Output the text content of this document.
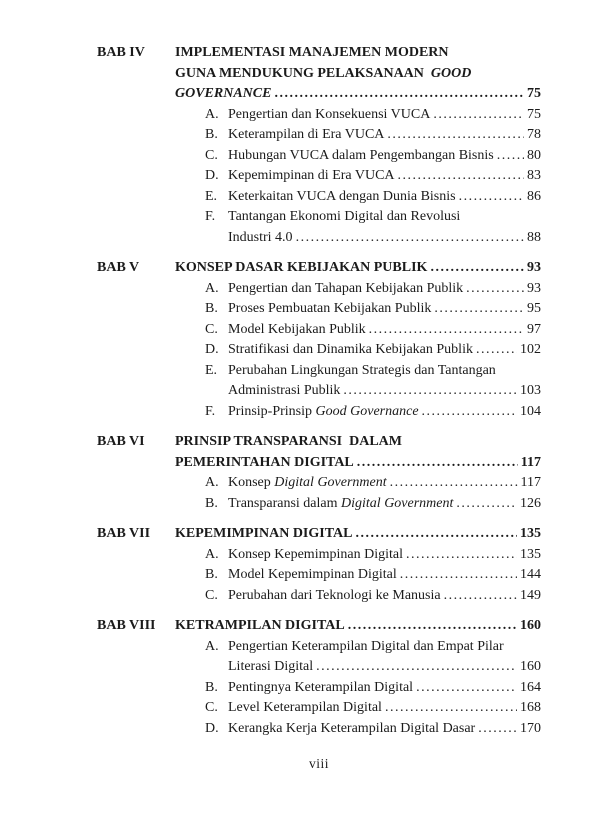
BAB IV	IMPLEMENTASI MANAJEMEN MODERN
GUNA MENDUKUNG PELAKSANAAN  GOOD
GOVERNANCE .....	75
A. Pengertian dan Konsekuensi VUCA .....	75
B. Keterampilan di Era VUCA .....	78
C. Hubungan VUCA dalam Pengembangan Bisnis ..... 80
D. Kepemimpinan di Era VUCA .....	83
E. Keterkaitan VUCA dengan Dunia Bisnis .....	86
F. Tantangan Ekonomi Digital dan Revolusi
Industri 4.0 .....	88
BAB V	KONSEP DASAR KEBIJAKAN PUBLIK .....	93
A. Pengertian dan Tahapan Kebijakan Publik .....	93
B. Proses Pembuatan Kebijakan Publik .....	95
C. Model Kebijakan Publik .....	97
D. Stratifikasi dan Dinamika Kebijakan Publik .....	102
E. Perubahan Lingkungan Strategis dan Tantangan
Administrasi Publik .....	103
F. Prinsip-Prinsip Good Governance .....	104
BAB VI	PRINSIP TRANSPARANSI  DALAM
PEMERINTAHAN DIGITAL .....	117
A. Konsep Digital Government .....	117
B. Transparansi dalam Digital Government .....	126
BAB VII	KEPEMIMPINAN DIGITAL .....	135
A. Konsep Kepemimpinan Digital .....	135
B. Model Kepemimpinan Digital .....	144
C. Perubahan dari Teknologi ke Manusia .....	149
BAB VIII	KETRAMPILAN DIGITAL .....	160
A. Pengertian Keterampilan Digital dan Empat Pilar
Literasi Digital .....	160
B. Pentingnya Keterampilan Digital .....	164
C. Level Keterampilan Digital .....	168
D. Kerangka Kerja Keterampilan Digital Dasar .....	170
viii
